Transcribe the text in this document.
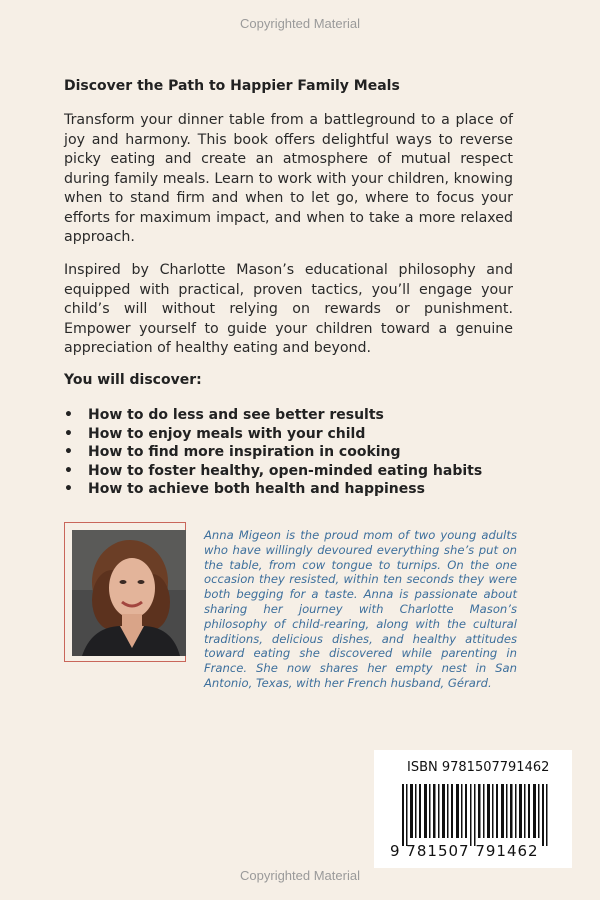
Copyrighted Material
Discover the Path to Happier Family Meals
Transform your dinner table from a battleground to a place of joy and harmony. This book offers delightful ways to reverse picky eating and create an atmosphere of mutual respect during family meals. Learn to work with your children, knowing when to stand firm and when to let go, where to focus your efforts for maximum impact, and when to take a more relaxed approach.
Inspired by Charlotte Mason’s educational philosophy and equipped with practical, proven tactics, you’ll engage your child’s will without relying on rewards or punishment. Empower yourself to guide your children toward a genuine appreciation of healthy eating and beyond.
You will discover:
• How to do less and see better results
• How to enjoy meals with your child
• How to find more inspiration in cooking
• How to foster healthy, open-minded eating habits
• How to achieve both health and happiness
Anna Migeon is the proud mom of two young adults who have willingly devoured everything she’s put on the table, from cow tongue to turnips. On the one occasion they resisted, within ten seconds they were both begging for a taste. Anna is passionate about sharing her journey with Charlotte Mason’s philosophy of child-rearing, along with the cultural traditions, delicious dishes, and healthy attitudes toward eating she discovered while parenting in France. She now shares her empty nest in San Antonio, Texas, with her French husband, Gérard.
ISBN 9781507791462
9 781507 791462
Copyrighted Material
